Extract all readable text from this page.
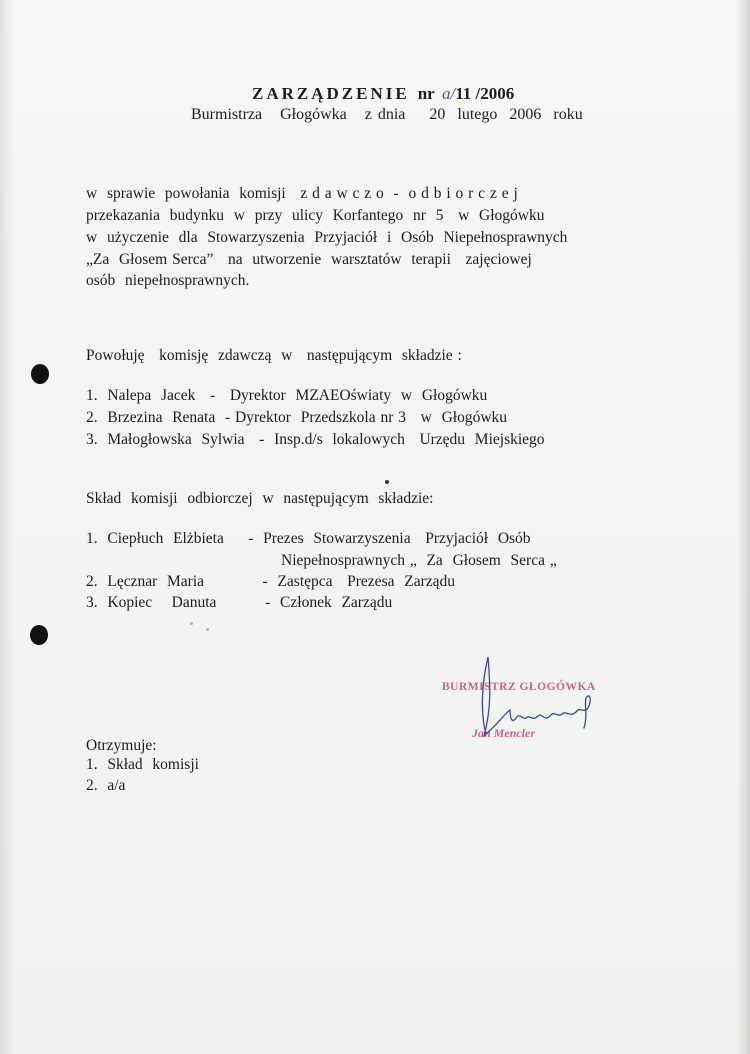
ZARZĄDZENIE nr a/11 /2006
Burmistrza   Głogówka   z dnia    20  lutego  2006  roku
w  sprawie  powołania  komisji   z d a w c z o  -  o d b i o r c z e j
przekazania  budynku  w  przy  ulicy  Korfantego  nr  5   w  Głogówku
w  użyczenie  dla  Stowarzyszenia  Przyjaciół  i  Osób  Niepełnosprawnych
„Za  Głosem Serca”   na  utworzenie  warsztatów  terapii   zajęciowej
osób  niepełnosprawnych.
Powołuję   komisję  zdawczą  w   następującym  składzie :
1.  Nalepa  Jacek   -   Dyrektor  MZAEOświaty  w  Głogówku
2.  Brzezina  Renata  - Dyrektor  Przedszkola nr 3   w  Głogówku
3.  Małogłowska  Sylwia   -  Insp.d/s  lokalowych   Urzędu  Miejskiego
Skład  komisji  odbiorczej  w  następującym  składzie:
1.  Ciepłuch  Elżbieta     -  Prezes  Stowarzyszenia   Przyjaciół  Osób
Niepełnosprawnych „  Za  Głosem  Serca „
2.  Lęcznar  Maria            -  Zastępca   Prezesa  Zarządu
3.  Kopiec    Danuta          -  Członek  Zarządu
BURMISTRZ GŁOGÓWKA
Jan Mencler
Otrzymuje:
1.  Skład  komisji
2.  a/a
